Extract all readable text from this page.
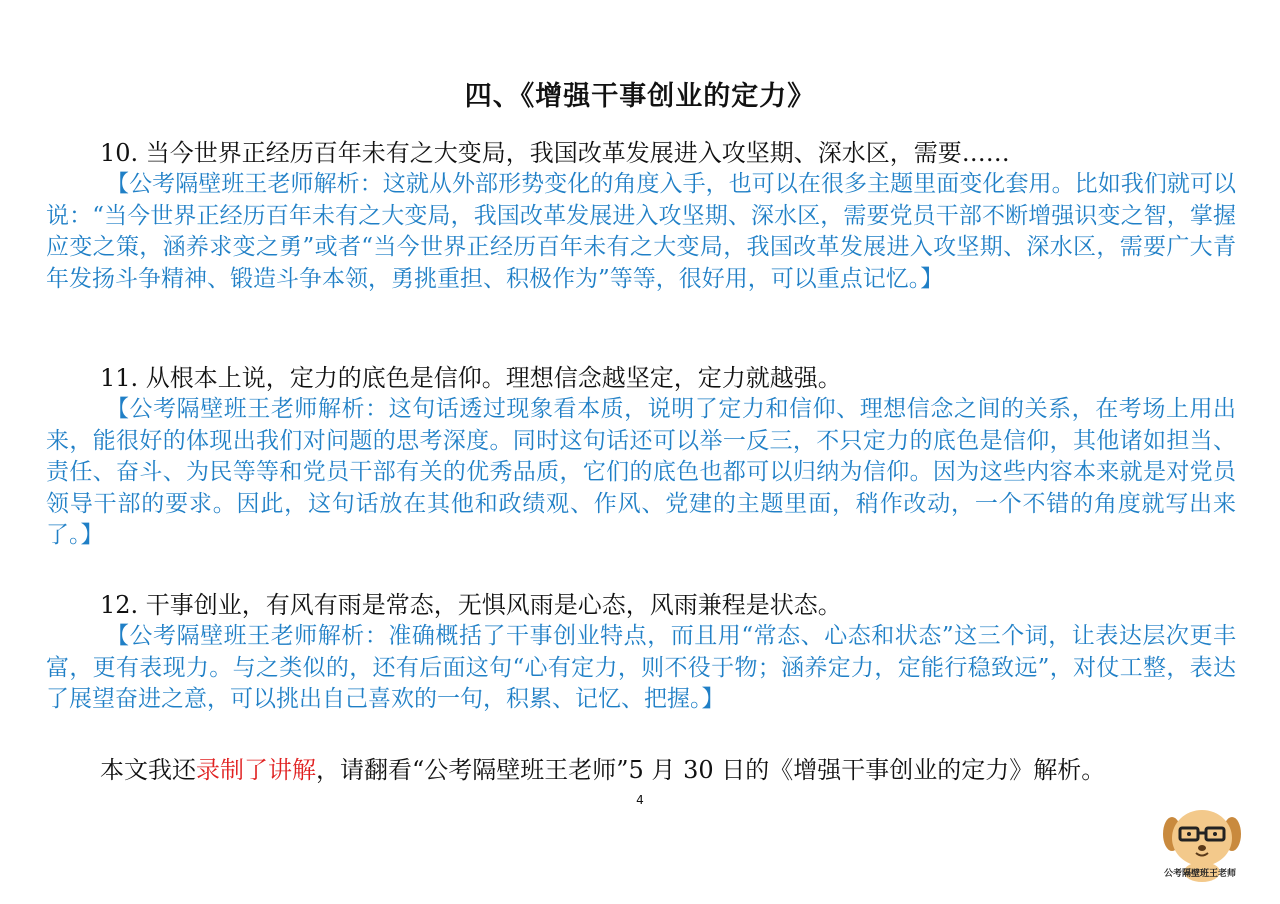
四、《增强干事创业的定力》
10. 当今世界正经历百年未有之大变局，我国改革发展进入攻坚期、深水区，需要……

【公考隔壁班王老师解析：这就从外部形势变化的角度入手，也可以在很多主题里面变化套用。比如我们就可以说：“当今世界正经历百年未有之大变局，我国改革发展进入攻坚期、深水区，需要党员干部不断增强识变之智，掌握应变之策，涵养求变之勇”或者“当今世界正经历百年未有之大变局，我国改革发展进入攻坚期、深水区，需要广大青年发扬斗争精神、锻造斗争本领，勇挑重担、积极作为”等等，很好用，可以重点记忆。】

11. 从根本上说，定力的底色是信仰。理想信念越坚定，定力就越强。

【公考隔壁班王老师解析：这句话透过现象看本质，说明了定力和信仰、理想信念之间的关系，在考场上用出来，能很好的体现出我们对问题的思考深度。同时这句话还可以举一反三，不只定力的底色是信仰，其他诸如担当、责任、奋斗、为民等等和党员干部有关的优秀品质，它们的底色也都可以归纳为信仰。因为这些内容本来就是对党员领导干部的要求。因此，这句话放在其他和政绩观、作风、党建的主题里面，稍作改动，一个不错的角度就写出来了。】

12. 干事创业，有风有雨是常态，无惧风雨是心态，风雨兼程是状态。

【公考隔壁班王老师解析：准确概括了干事创业特点，而且用“常态、心态和状态”这三个词，让表达层次更丰富，更有表现力。与之类似的，还有后面这句“心有定力，则不役于物；涵养定力，定能行稳致远”，对仗工整，表达了展望奋进之意，可以挑出自己喜欢的一句，积累、记忆、把握。】

本文我还录制了讲解，请翻看“公考隔壁班王老师”5 月 30 日的《增强干事创业的定力》解析。
4
公考隔壁班王老师
